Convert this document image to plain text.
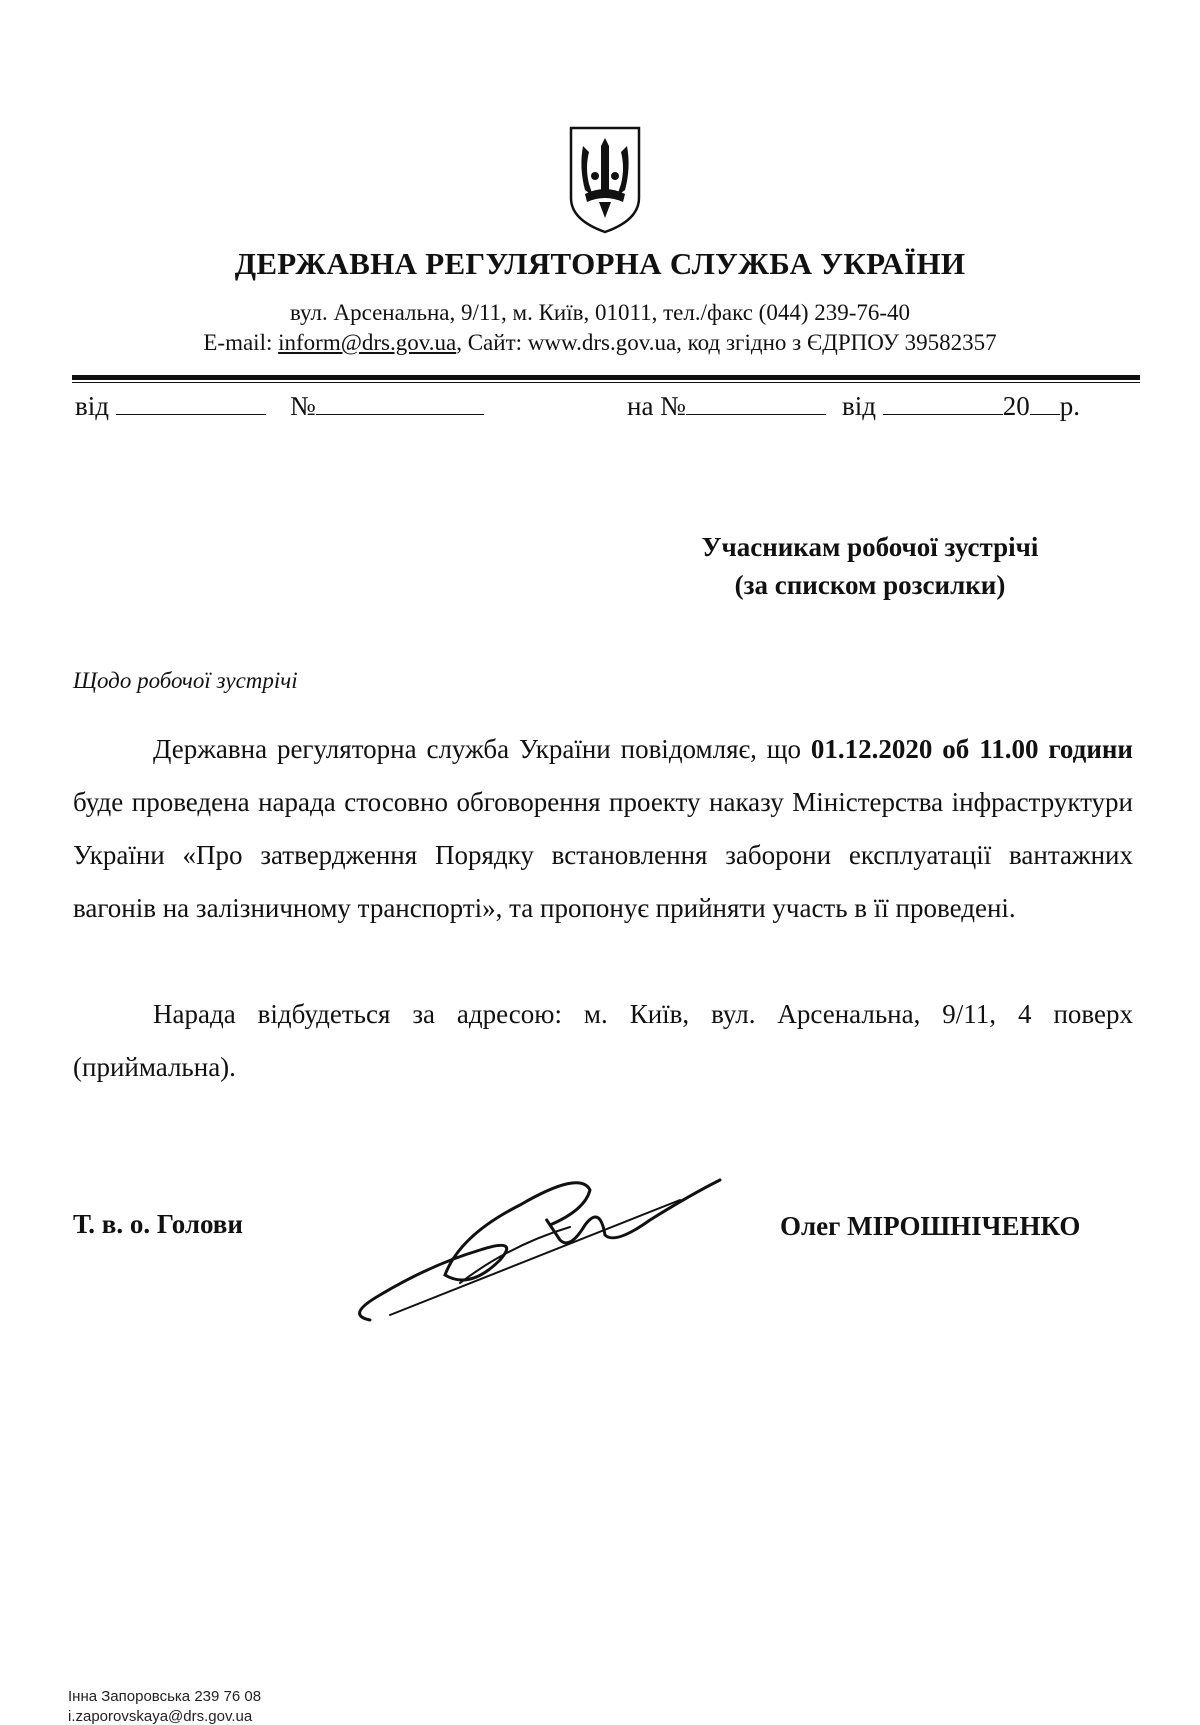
ДЕРЖАВНА РЕГУЛЯТОРНА СЛУЖБА УКРАЇНИ
вул. Арсенальна, 9/11, м. Київ, 01011, тел./факс (044) 239-76-40
E-mail: inform@drs.gov.ua, Сайт: www.drs.gov.ua, код згідно з ЄДРПОУ 39582357
від	№	на №	від	20 р.
Учасникам робочої зустрічі
(за списком розсилки)
Щодо робочої зустрічі

Державна регуляторна служба України повідомляє, що 01.12.2020 об 11.00 години буде проведена нарада стосовно обговорення проекту наказу Міністерства інфраструктури України «Про затвердження Порядку встановлення заборони експлуатації вантажних вагонів на залізничному транспорті», та пропонує прийняти участь в її проведені.

Нарада відбудеться за адресою: м. Київ, вул. Арсенальна, 9/11, 4 поверх (приймальна).

Т. в. о. Голови	Олег МІРОШНІЧЕНКО
Інна Запоровська 239 76 08
i.zaporovskaya@drs.gov.ua
